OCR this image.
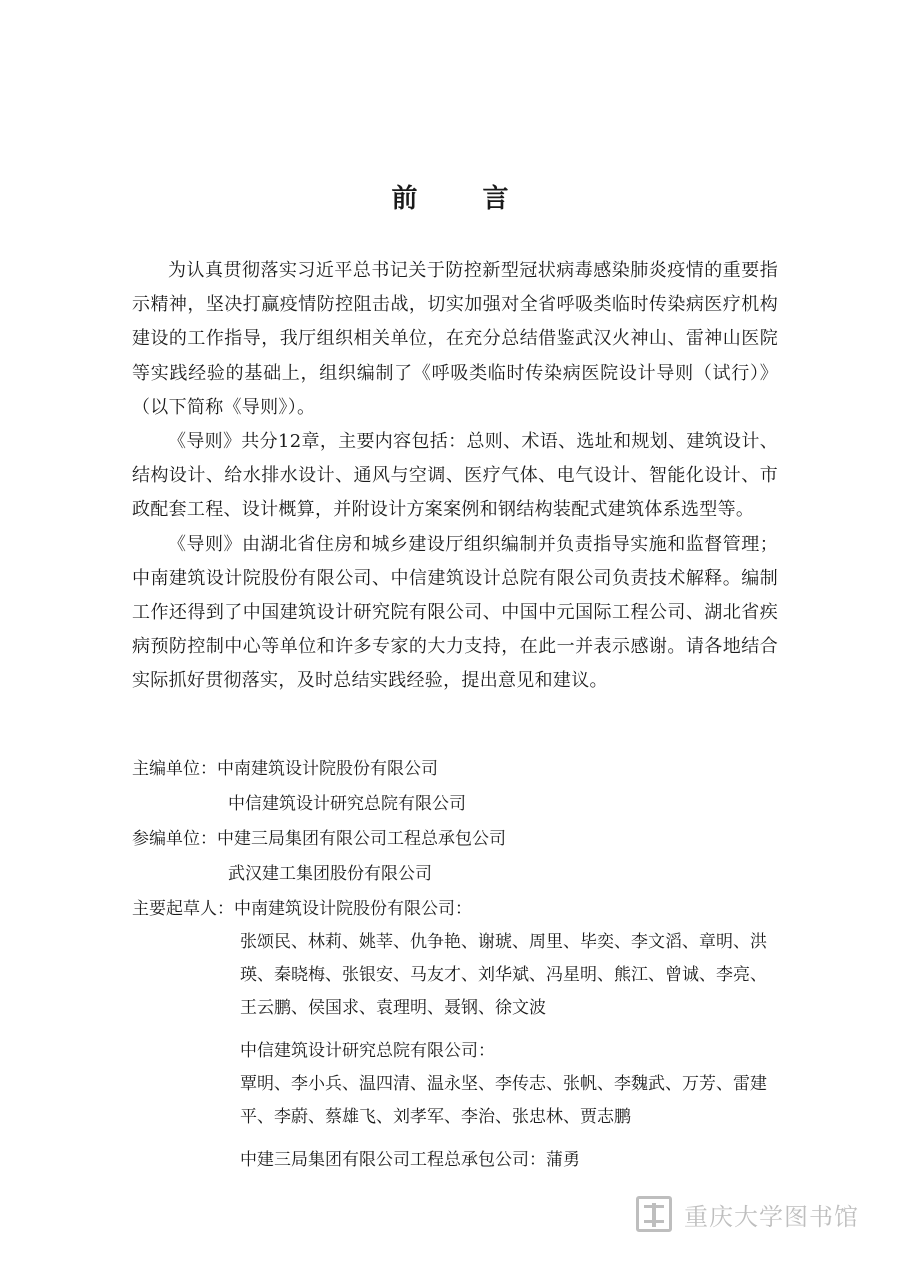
前 言

为认真贯彻落实习近平总书记关于防控新型冠状病毒感染肺炎疫情的重要指示精神，坚决打赢疫情防控阻击战，切实加强对全省呼吸类临时传染病医疗机构建设的工作指导，我厅组织相关单位，在充分总结借鉴武汉火神山、雷神山医院等实践经验的基础上，组织编制了《呼吸类临时传染病医院设计导则（试行）》（以下简称《导则》）。

《导则》共分12章，主要内容包括：总则、术语、选址和规划、建筑设计、结构设计、给水排水设计、通风与空调、医疗气体、电气设计、智能化设计、市政配套工程、设计概算，并附设计方案案例和钢结构装配式建筑体系选型等。

《导则》由湖北省住房和城乡建设厅组织编制并负责指导实施和监督管理；中南建筑设计院股份有限公司、中信建筑设计总院有限公司负责技术解释。编制工作还得到了中国建筑设计研究院有限公司、中国中元国际工程公司、湖北省疾病预防控制中心等单位和许多专家的大力支持，在此一并表示感谢。请各地结合实际抓好贯彻落实，及时总结实践经验，提出意见和建议。

主编单位： 中南建筑设计院股份有限公司
中信建筑设计研究总院有限公司
参编单位： 中建三局集团有限公司工程总承包公司
武汉建工集团股份有限公司
主要起草人： 中南建筑设计院股份有限公司：
张颂民、林莉、姚莘、仇争艳、谢琥、周里、毕奕、李文滔、章明、洪瑛、秦晓梅、张银安、马友才、刘华斌、冯星明、熊江、曾诚、李亮、王云鹏、侯国求、袁理明、聂钢、徐文波
中信建筑设计研究总院有限公司：
覃明、李小兵、温四清、温永坚、李传志、张帆、李魏武、万芳、雷建平、李蔚、蔡雄飞、刘孝军、李治、张忠林、贾志鹏
中建三局集团有限公司工程总承包公司：蒲勇
重庆大学图书馆
